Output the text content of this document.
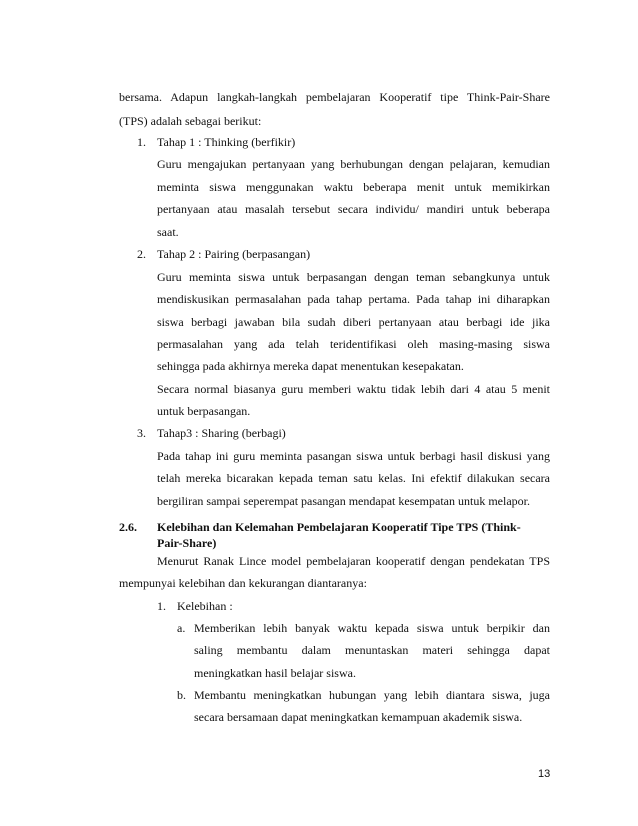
bersama. Adapun langkah-langkah pembelajaran Kooperatif tipe Think-Pair-Share
(TPS) adalah sebagai berikut:
1. Tahap 1 : Thinking (berfikir)
Guru mengajukan pertanyaan yang berhubungan dengan pelajaran, kemudian
meminta siswa menggunakan waktu beberapa menit untuk memikirkan
pertanyaan atau masalah tersebut secara individu/ mandiri untuk beberapa
saat.
2. Tahap 2 : Pairing (berpasangan)
Guru meminta siswa untuk berpasangan dengan teman sebangkunya untuk
mendiskusikan permasalahan pada tahap pertama. Pada tahap ini diharapkan
siswa berbagi jawaban bila sudah diberi pertanyaan atau berbagi ide jika
permasalahan yang ada telah teridentifikasi oleh masing-masing siswa
sehingga pada akhirnya mereka dapat menentukan kesepakatan.
Secara normal biasanya guru memberi waktu tidak lebih dari 4 atau 5 menit
untuk berpasangan.
3. Tahap3 : Sharing (berbagi)
Pada tahap ini guru meminta pasangan siswa untuk berbagi hasil diskusi yang
telah mereka bicarakan kepada teman satu kelas. Ini efektif dilakukan secara
bergiliran sampai seperempat pasangan mendapat kesempatan untuk melapor.
2.6. Kelebihan dan Kelemahan Pembelajaran Kooperatif Tipe TPS (Think-
Pair-Share)
Menurut Ranak Lince model pembelajaran kooperatif dengan pendekatan TPS
mempunyai kelebihan dan kekurangan diantaranya:
1. Kelebihan :
a. Memberikan lebih banyak waktu kepada siswa untuk berpikir dan
saling membantu dalam menuntaskan materi sehingga dapat
meningkatkan hasil belajar siswa.
b. Membantu meningkatkan hubungan yang lebih diantara siswa, juga
secara bersamaan dapat meningkatkan kemampuan akademik siswa.
13
